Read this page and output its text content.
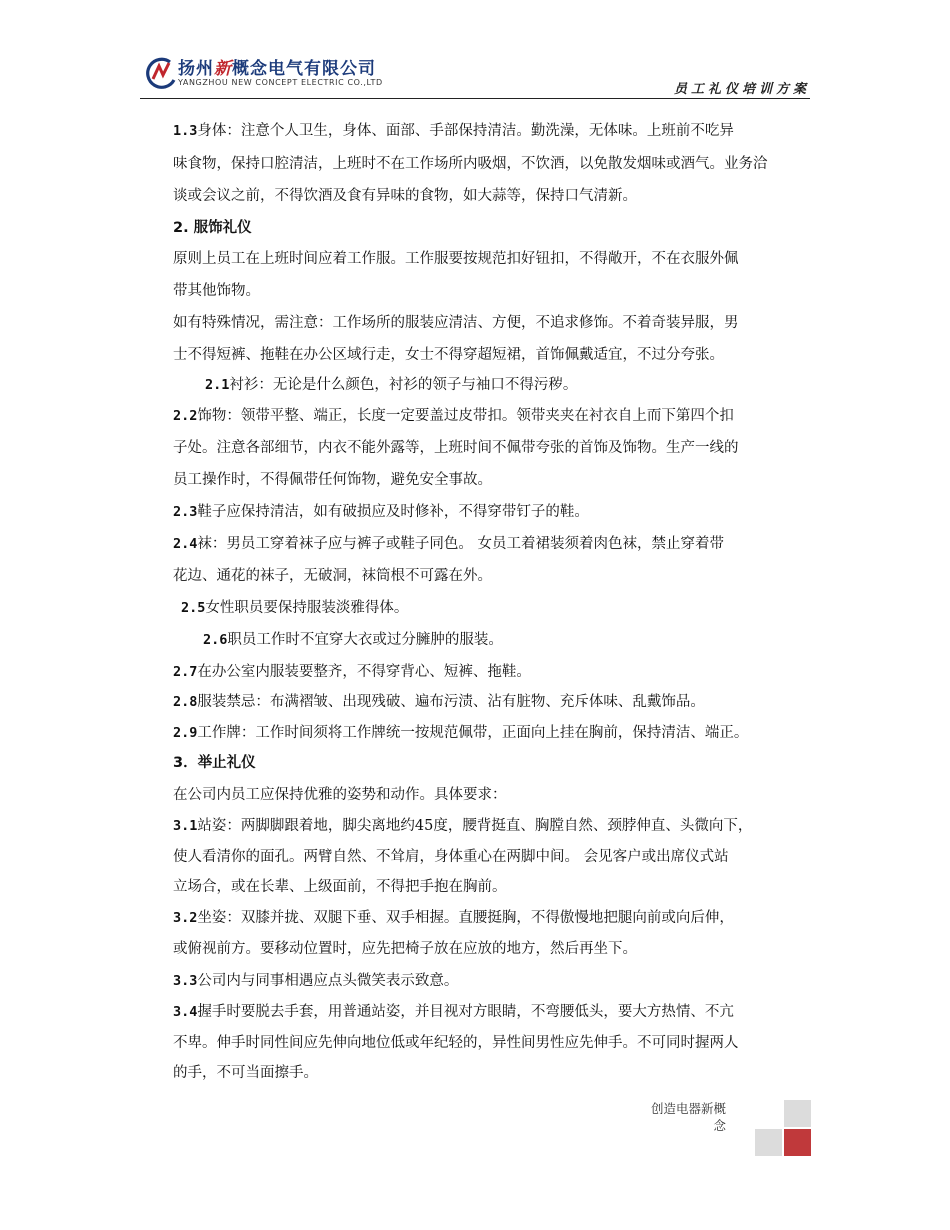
扬州新概念电气有限公司
YANGZHOU NEW CONCEPT ELECTRIC CO.,LTD	员工礼仪培训方案
1.3身体：注意个人卫生，身体、面部、手部保持清洁。勤洗澡，无体味。上班前不吃异
味食物，保持口腔清洁，上班时不在工作场所内吸烟，不饮酒，以免散发烟味或酒气。业务洽
谈或会议之前，不得饮酒及食有异味的食物，如大蒜等，保持口气清新。
2. 服饰礼仪
原则上员工在上班时间应着工作服。工作服要按规范扣好钮扣，不得敞开，不在衣服外佩
带其他饰物。
如有特殊情况，需注意：工作场所的服装应清洁、方便，不追求修饰。不着奇装异服，男
士不得短裤、拖鞋在办公区域行走，女士不得穿超短裙，首饰佩戴适宜，不过分夸张。
2.1衬衫：无论是什么颜色，衬衫的领子与袖口不得污秽。
2.2饰物：领带平整、端正，长度一定要盖过皮带扣。领带夹夹在衬衣自上而下第四个扣
子处。注意各部细节，内衣不能外露等，上班时间不佩带夸张的首饰及饰物。生产一线的
员工操作时，不得佩带任何饰物，避免安全事故。
2.3鞋子应保持清洁，如有破损应及时修补，不得穿带钉子的鞋。
2.4袜：男员工穿着袜子应与裤子或鞋子同色。 女员工着裙装须着肉色袜，禁止穿着带
花边、通花的袜子，无破洞，袜筒根不可露在外。
2.5女性职员要保持服装淡雅得体。
2.6职员工作时不宜穿大衣或过分臃肿的服装。
2.7在办公室内服装要整齐，不得穿背心、短裤、拖鞋。
2.8服装禁忌：布满褶皱、出现残破、遍布污渍、沾有脏物、充斥体味、乱戴饰品。
2.9工作牌：工作时间须将工作牌统一按规范佩带，正面向上挂在胸前，保持清洁、端正。
3．举止礼仪
在公司内员工应保持优雅的姿势和动作。具体要求：
3.1站姿：两脚脚跟着地，脚尖离地约45度，腰背挺直、胸膛自然、颈脖伸直、头微向下，
使人看清你的面孔。两臂自然、不耸肩，身体重心在两脚中间。 会见客户或出席仪式站
立场合，或在长辈、上级面前，不得把手抱在胸前。
3.2坐姿：双膝并拢、双腿下垂、双手相握。直腰挺胸，不得傲慢地把腿向前或向后伸，
或俯视前方。要移动位置时，应先把椅子放在应放的地方，然后再坐下。
3.3公司内与同事相遇应点头微笑表示致意。
3.4握手时要脱去手套，用普通站姿，并目视对方眼睛，不弯腰低头，要大方热情、不亢
不卑。伸手时同性间应先伸向地位低或年纪轻的，异性间男性应先伸手。不可同时握两人
的手，不可当面擦手。
创造电器新概念
